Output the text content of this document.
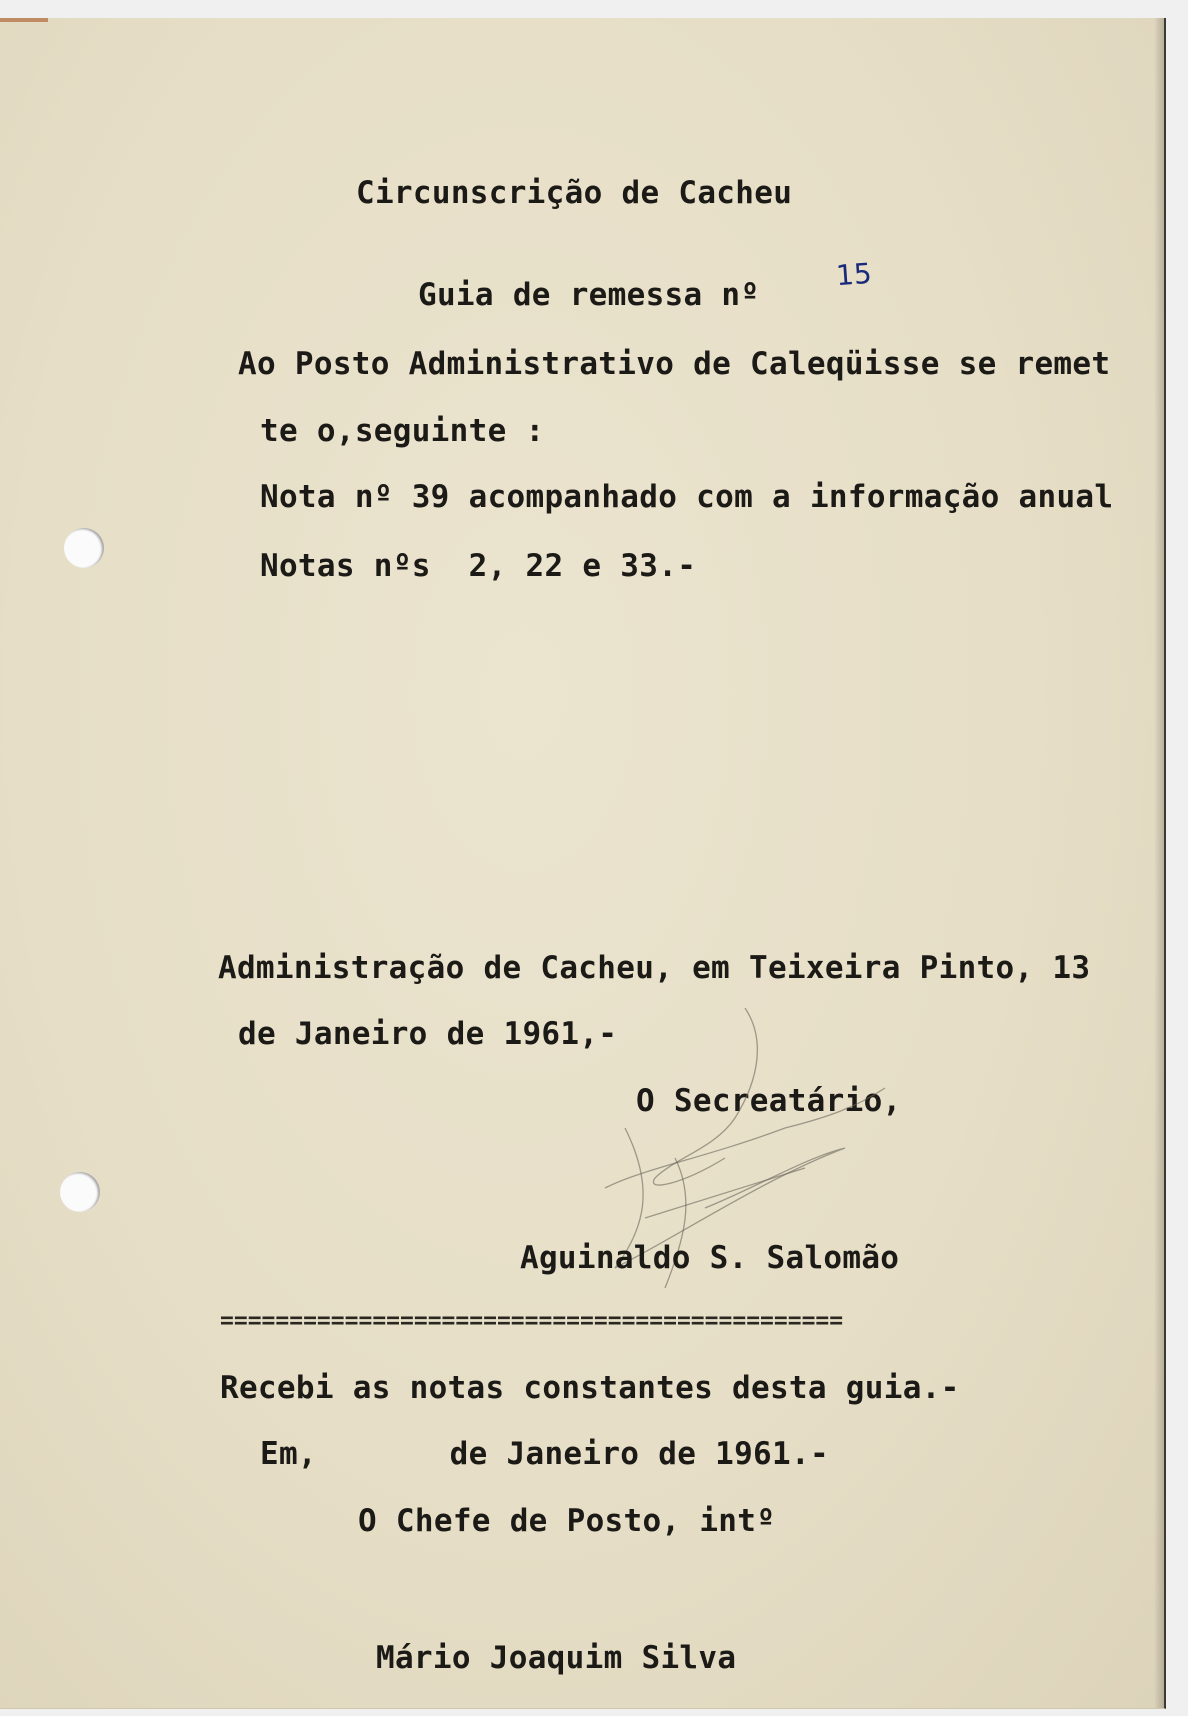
Circunscrição de Cacheu
Guia de remessa nº
15
Ao Posto Administrativo de Caleqüisse se remet
te o,seguinte :
Nota nº 39 acompanhado com a informação anual
Notas nºs  2, 22 e 33.-
Administração de Cacheu, em Teixeira Pinto, 13
de Janeiro de 1961,-
O Secreatário,
Aguinaldo S. Salomão
=============================================
Recebi as notas constantes desta guia.-
Em,       de Janeiro de 1961.-
O Chefe de Posto, intº
Mário Joaquim Silva
